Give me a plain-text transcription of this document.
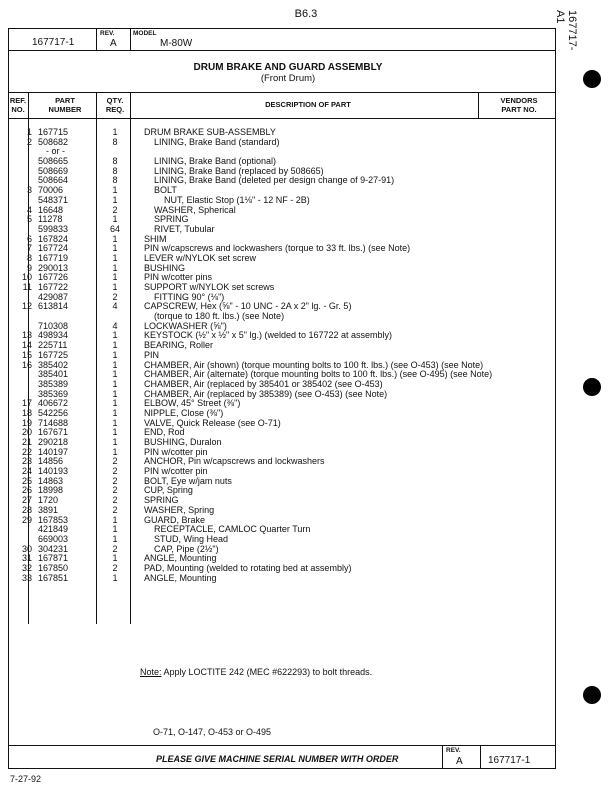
B6.3	167717-A1
167717-1
REV.
A
MODEL
M-80W
DRUM BRAKE AND GUARD ASSEMBLY
(Front Drum)
REF.
NO.
PART
NUMBER
QTY.
REQ.	DESCRIPTION OF PART	VENDORS
PART NO.
1 167715	1	DRUM BRAKE SUB-ASSEMBLY
2 508682	8	LINING, Brake Band (standard)
- or -
508665	8	LINING, Brake Band (optional)
508669	8	LINING, Brake Band (replaced by 508665)
508664	8	LINING, Brake Band (deleted per design change of 9-27-91)
3 70006	1	BOLT
548371	1	NUT, Elastic Stop (1⅛" - 12 NF - 2B)
4 16648	2	WASHER, Spherical
5 11278	1	SPRING
599833	64	RIVET, Tubular
6 167824	1	SHIM
7 167724	1	PIN w/capscrews and lockwashers (torque to 33 ft. lbs.) (see Note)
8 167719	1	LEVER w/NYLOK set screw
9 290013	1	BUSHING
10 167726	1	PIN w/cotter pins
11 167722	1	SUPPORT w/NYLOK set screws
429087	2	FITTING 90° (⅛")
12 613814	4	CAPSCREW, Hex (⅝" - 10 UNC - 2A x 2" lg. - Gr. 5)
(torque to 180 ft. lbs.) (see Note)
710308	4	LOCKWASHER (⅝")
13 498934	1	KEYSTOCK (½" x ½" x 5" lg.) (welded to 167722 at assembly)
14 225711	1	BEARING, Roller
15 167725	1	PIN
16 385402	1	CHAMBER, Air (shown) (torque mounting bolts to 100 ft. lbs.) (see O-453) (see Note)
385401	1	CHAMBER, Air (alternate) (torque mounting bolts to 100 ft. lbs.) (see O-495) (see Note)
385389	1	CHAMBER, Air (replaced by 385401 or 385402 (see O-453)
385369	1	CHAMBER, Air (replaced by 385389) (see O-453) (see Note)
17 406672	1	ELBOW, 45° Street (⅜")
18 542256	1	NIPPLE, Close (⅜")
19 714688	1	VALVE, Quick Release (see O-71)
20 167671	1	END, Rod
21 290218	1	BUSHING, Duralon
22 140197	1	PIN w/cotter pin
23 14856	2	ANCHOR, Pin w/capscrews and lockwashers
24 140193	2	PIN w/cotter pin
25 14863	2	BOLT, Eye w/jam nuts
26 18998	2	CUP, Spring
27 1720	2	SPRING
28 3891	2	WASHER, Spring
29 167853	1	GUARD, Brake
421849	1	RECEPTACLE, CAMLOC Quarter Turn
669003	1	STUD, Wing Head
30 304231	2	CAP, Pipe (2½")
31 167871	1	ANGLE, Mounting
32 167850	2	PAD, Mounting (welded to rotating bed at assembly)
33 167851	1	ANGLE, Mounting
Note: Apply LOCTITE 242 (MEC #622293) to bolt threads.
O-71, O-147, O-453 or O-495
PLEASE GIVE MACHINE SERIAL NUMBER WITH ORDER
REV.
A	167717-1
7-27-92
